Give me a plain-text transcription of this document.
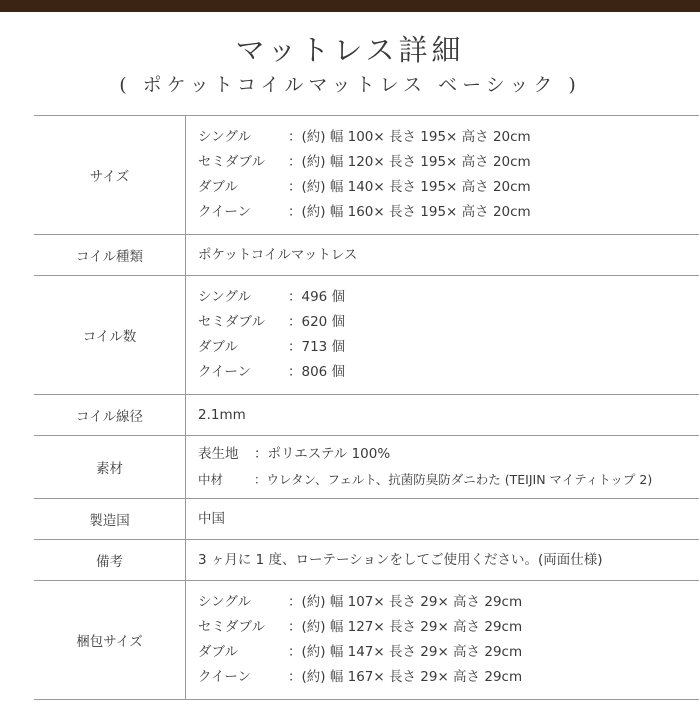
マットレス詳細
( ポケットコイルマットレス ベーシック )
サイズ	シングル ：(約) 幅 100× 長さ 195× 高さ 20cm
セミダブル ：(約) 幅 120× 長さ 195× 高さ 20cm
ダブル ：(約) 幅 140× 長さ 195× 高さ 20cm
クイーン ：(約) 幅 160× 長さ 195× 高さ 20cm

コイル種類	ポケットコイルマットレス

コイル数	シングル ：496 個
セミダブル ：620 個
ダブル ：713 個
クイーン ：806 個

コイル線径	2.1mm

素材	表生地 ：ポリエステル 100%
中材 ：ウレタン、フェルト、抗菌防臭防ダニわた (TEIJIN マイティトップ 2)

製造国	中国

備考	3 ヶ月に 1 度、ローテーションをしてご使用ください。(両面仕様)

梱包サイズ	シングル ：(約) 幅 107× 長さ 29× 高さ 29cm
セミダブル ：(約) 幅 127× 長さ 29× 高さ 29cm
ダブル ：(約) 幅 147× 長さ 29× 高さ 29cm
クイーン ：(約) 幅 167× 長さ 29× 高さ 29cm
